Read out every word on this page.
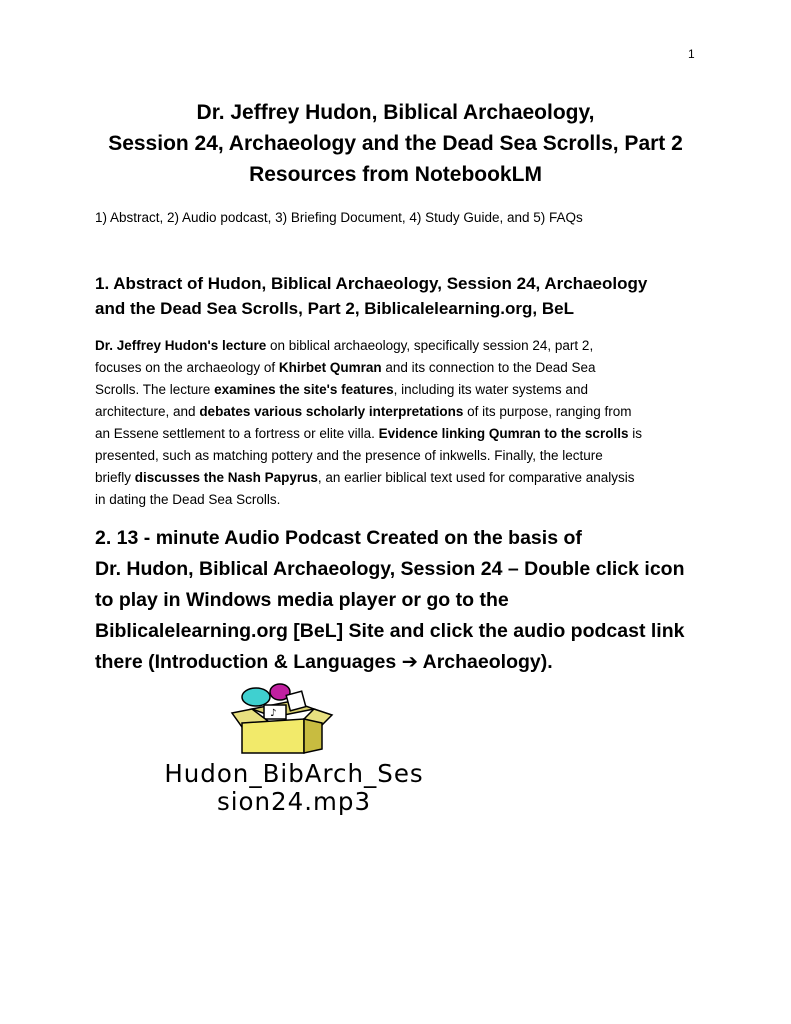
1
Dr. Jeffrey Hudon, Biblical Archaeology,
Session 24, Archaeology and the Dead Sea Scrolls, Part 2
Resources from NotebookLM
1) Abstract, 2) Audio podcast, 3) Briefing Document, 4) Study Guide, and 5) FAQs
1. Abstract of Hudon, Biblical Archaeology, Session 24, Archaeology
and the Dead Sea Scrolls, Part 2, Biblicalelearning.org, BeL
Dr. Jeffrey Hudon's lecture on biblical archaeology, specifically session 24, part 2,
focuses on the archaeology of Khirbet Qumran and its connection to the Dead Sea
Scrolls. The lecture examines the site's features, including its water systems and
architecture, and debates various scholarly interpretations of its purpose, ranging from
an Essene settlement to a fortress or elite villa. Evidence linking Qumran to the scrolls is
presented, such as matching pottery and the presence of inkwells. Finally, the lecture
briefly discusses the Nash Papyrus, an earlier biblical text used for comparative analysis
in dating the Dead Sea Scrolls.
2. 13 - minute Audio Podcast Created on the basis of
Dr. Hudon, Biblical Archaeology, Session 24 – Double click icon
to play in Windows media player or go to the
Biblicalelearning.org [BeL] Site and click the audio podcast link
there (Introduction & Languages ➔ Archaeology).
♪
Hudon_BibArch_Ses
sion24.mp3
